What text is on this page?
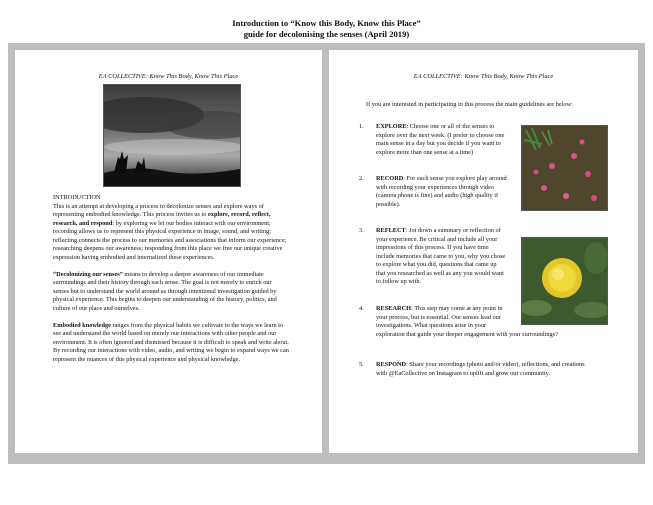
Introduction to “Know this Body, Know this Place”
guide for decolonising the senses (April 2019)
EA COLLECTIVE: Know This Body, Know This Place

INTRODUCTION
This is an attempt at developing a process to decolonize senses and explore ways of representing embodied knowledge. This process invites us to explore, record, reflect, research, and respond: by exploring we let our bodies interact with our environment; recording allows us to represent this physical experience in image, sound, and writing; reflecting connects the process to our memories and associations that inform our experience; researching deepens our awareness; responding from this place we free our unique creative expression having embodied and internalized these experiences.

“Decolonizing our senses” means to develop a deeper awareness of our immediate surroundings and their history through each sense. The goal is not merely to enrich our senses but to understand the world around us through intentional investigation guided by physical experience. This begins to deepen our understanding of the history, politics, and culture of our place and ourselves.

Embodied knowledge ranges from the physical habits we cultivate to the ways we learn to see and understand the world based on merely our interactions with other people and our environment. It is often ignored and dismissed because it is difficult to speak and write about. By recording our interactions with video, audio, and writing we begin to expand ways we can represent the nuances of this physical experience and physical knowledge.

EA COLLECTIVE: Know This Body, Know This Place
If you are interested in participating in this process the main guidelines are below:
1. EXPLORE: Choose one or all of the senses to
explore over the next week. (I prefer to choose one
main sense in a day but you decide if you want to
explore more than one sense at a time)
2. RECORD: For each sense you explore play around
with recording your experiences through video
(camera phone is fine) and audio (high quality if
possible).
3. REFLECT: Jot down a summary or reflection of
your experience. Be critical and include all your
impressions of this process. If you have time
include memories that came to you, why you chose
to explore what you did, questions that came up
that you researched as well as any you would want
to follow up with.
4. RESEARCH: This step may come at any point in
your process, but is essential. Our senses lead our
investigations. What questions arise in your
exploration that guide your deeper engagement with your surroundings?
5. RESPOND: Share your recordings (photo and/or video), reflections, and creations
with @EaCollective on Instagram to uplift and grow our community.
